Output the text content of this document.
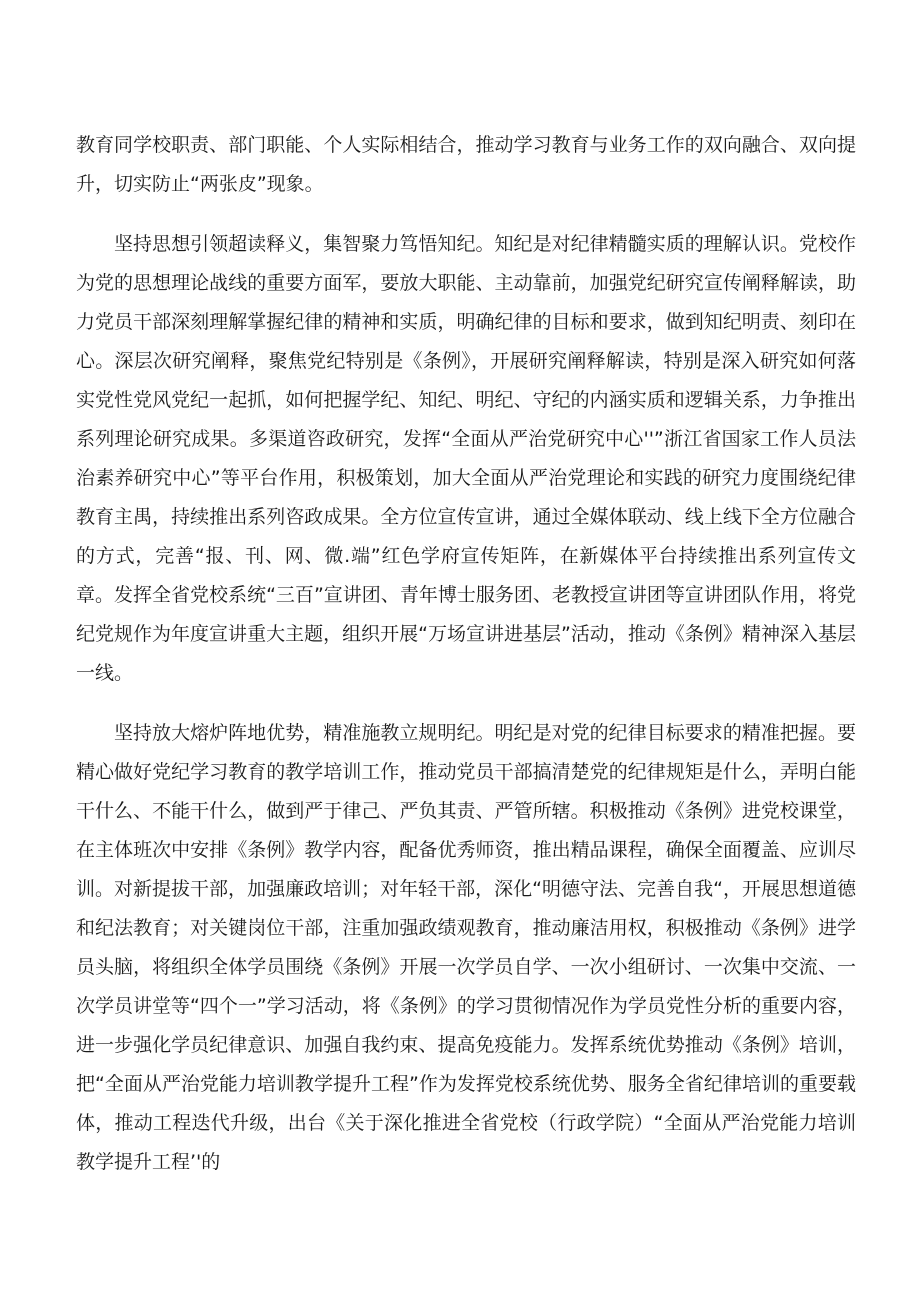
教育同学校职责、部门职能、个人实际相结合，推动学习教育与业务工作的双向融合、双向提升，切实防止“两张皮”现象。

坚持思想引领超读释义，集智聚力笃悟知纪。知纪是对纪律精髓实质的理解认识。党校作为党的思想理论战线的重要方面军，要放大职能、主动靠前，加强党纪研究宣传阐释解读，助力党员干部深刻理解掌握纪律的精神和实质，明确纪律的目标和要求，做到知纪明责、刻印在心。深层次研究阐释，聚焦党纪特别是《条例》，开展研究阐释解读，特别是深入研究如何落实党性党风党纪一起抓，如何把握学纪、知纪、明纪、守纪的内涵实质和逻辑关系，力争推出系列理论研究成果。多渠道咨政研究，发挥“全面从严治党研究中心''”浙江省国家工作人员法治素养研究中心”等平台作用，积极策划，加大全面从严治党理论和实践的研究力度围绕纪律教育主禺，持续推出系列咨政成果。全方位宣传宣讲，通过全媒体联动、线上线下全方位融合的方式，完善“报、刊、网、微.端”红色学府宣传矩阵，在新媒体平台持续推出系列宣传文章。发挥全省党校系统“三百”宣讲团、青年博士服务团、老教授宣讲团等宣讲团队作用，将党纪党规作为年度宣讲重大主题，组织开展“万场宣讲进基层”活动，推动《条例》精神深入基层一线。

坚持放大熔炉阵地优势，精准施教立规明纪。明纪是对党的纪律目标要求的精准把握。要精心做好党纪学习教育的教学培训工作，推动党员干部搞清楚党的纪律规矩是什么，弄明白能干什么、不能干什么，做到严于律己、严负其责、严管所辖。积极推动《条例》进党校课堂，在主体班次中安排《条例》教学内容，配备优秀师资，推出精品课程，确保全面覆盖、应训尽训。对新提拔干部，加强廉政培训；对年轻干部，深化“明德守法、完善自我“，开展思想道德和纪法教育；对关键岗位干部，注重加强政绩观教育，推动廉洁用权，积极推动《条例》进学员头脑，将组织全体学员围绕《条例》开展一次学员自学、一次小组研讨、一次集中交流、一次学员讲堂等“四个一”学习活动，将《条例》的学习贯彻情况作为学员党性分析的重要内容，进一步强化学员纪律意识、加强自我约束、提高免疫能力。发挥系统优势推动《条例》培训，把“全面从严治党能力培训教学提升工程”作为发挥党校系统优势、服务全省纪律培训的重要载体，推动工程迭代升级，出台《关于深化推进全省党校（行政学院）“全面从严治党能力培训教学提升工程’'的
